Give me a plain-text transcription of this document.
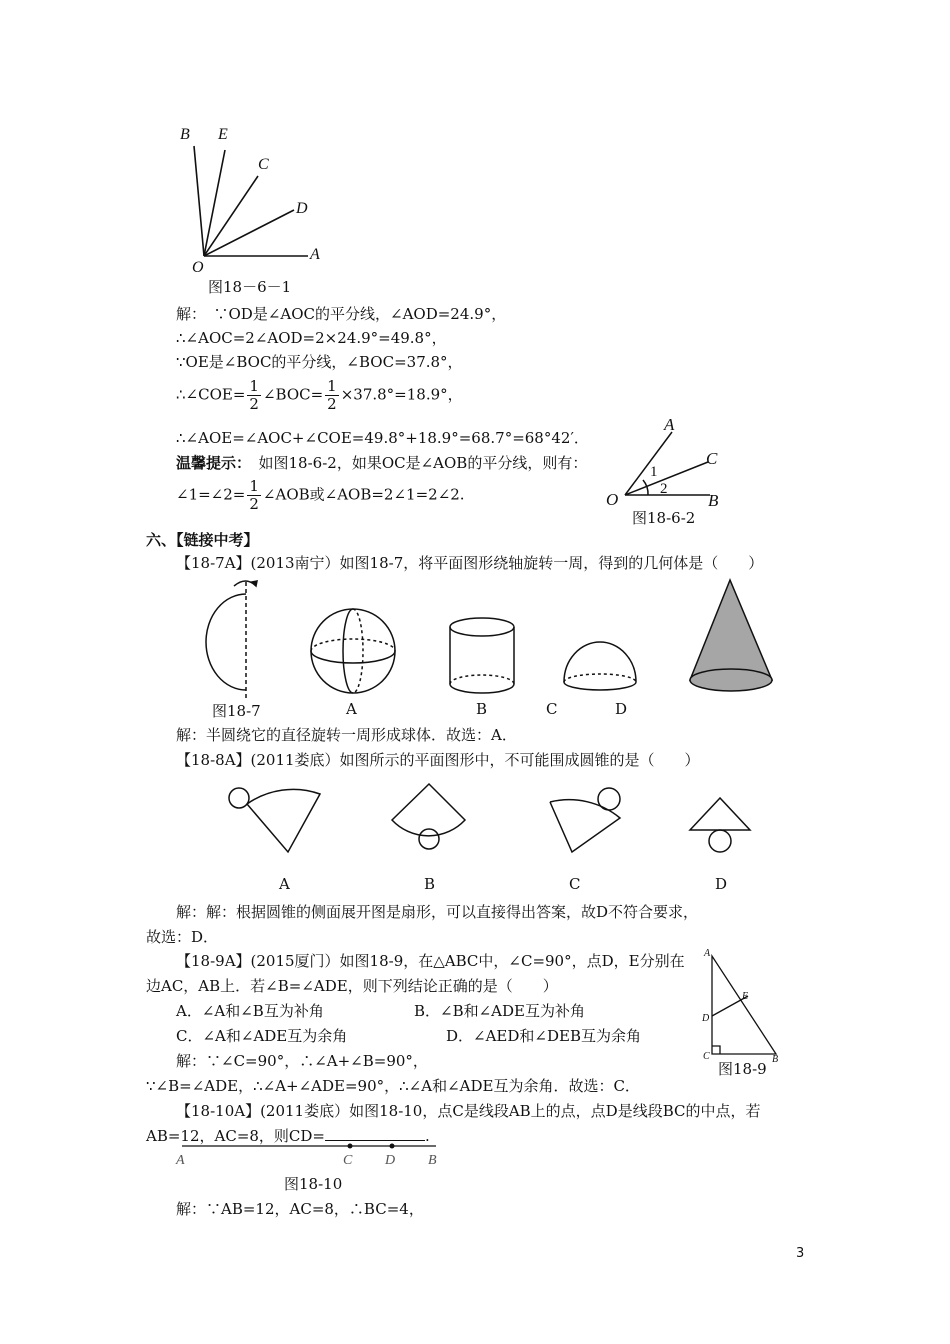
B E
C
D
A
O
图18－6－1
解：　∵OD是∠AOC的平分线，∠AOD=24.9°，
∴∠AOC=2∠AOD=2×24.9°=49.8°，
∵OE是∠BOC的平分线，∠BOC=37.8°，
∴∠COE= $\frac{1}{2}$ ∠BOC= $\frac{1}{2} \times 37.8^\circ=18.9^\circ$，
∴∠AOE=∠AOC+∠COE=49.8°+18.9°=68.7°=68°42′．
温馨提示：　如图18-6-2，如果OC是∠AOB的平分线，则有：
∠1=∠2= $\frac{1}{2}$ ∠AOB或∠AOB=2∠1=2∠2.
A
C
O	B
1
2
图18-6-2
六、【链接中考】
【18-7A】(2013南宁）如图18-7，将平面图形绕轴旋转一周，得到的几何体是（　　）
图18-7	A	B	C	D
解：半圆绕它的直径旋转一周形成球体．故选：A．
【18-8A】(2011娄底）如图所示的平面图形中，不可能围成圆锥的是（　　）
A	B	C	D
解：解：根据圆锥的侧面展开图是扇形，可以直接得出答案，故D不符合要求，
故选：D．
【18-9A】(2015厦门）如图18-9，在△ABC中，∠C=90°，点D，E分别在
边AC，AB上．若∠B=∠ADE，则下列结论正确的是（　　）
A．∠A和∠B互为补角	B．∠B和∠ADE互为补角
C．∠A和∠ADE互为余角	D．∠AED和∠DEB互为余角
解：∵∠C=90°，∴∠A+∠B=90°，
∵∠B=∠ADE，∴∠A+∠ADE=90°，∴∠A和∠ADE互为余角．故选：C．
A
E
D
C	B
图18-9
【18-10A】(2011娄底）如图18-10，点C是线段AB上的点，点D是线段BC的中点，若
AB=12，AC=8，则CD=	.
A	C D B
图18-10
解：∵AB=12，AC=8，∴BC=4，
3
